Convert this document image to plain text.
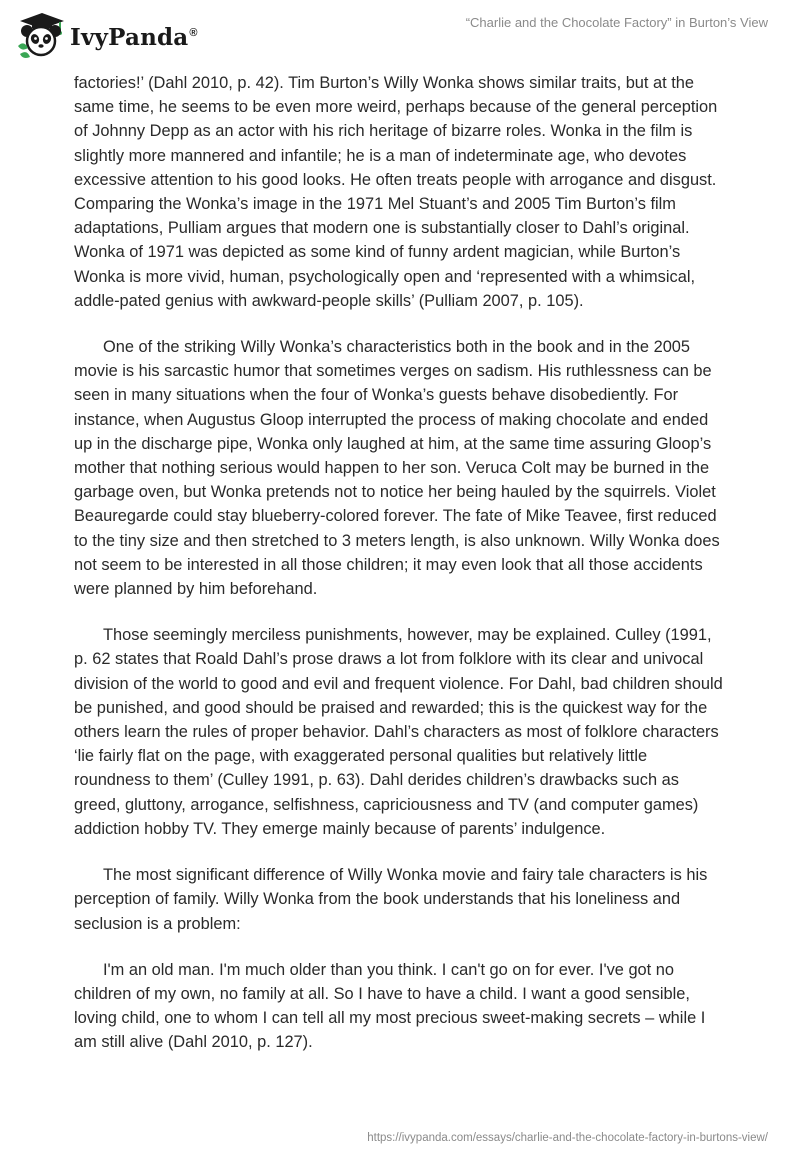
IvyPanda®
“Charlie and the Chocolate Factory” in Burton’s View

factories!’ (Dahl 2010, p. 42). Tim Burton’s Willy Wonka shows similar traits, but at the same time, he seems to be even more weird, perhaps because of the general perception of Johnny Depp as an actor with his rich heritage of bizarre roles. Wonka in the film is slightly more mannered and infantile; he is a man of indeterminate age, who devotes excessive attention to his good looks. He often treats people with arrogance and disgust. Comparing the Wonka’s image in the 1971 Mel Stuant’s and 2005 Tim Burton’s film adaptations, Pulliam argues that modern one is substantially closer to Dahl’s original. Wonka of 1971 was depicted as some kind of funny ardent magician, while Burton’s Wonka is more vivid, human, psychologically open and ‘represented with a whimsical, addle-pated genius with awkward-people skills’ (Pulliam 2007, p. 105).

One of the striking Willy Wonka’s characteristics both in the book and in the 2005 movie is his sarcastic humor that sometimes verges on sadism. His ruthlessness can be seen in many situations when the four of Wonka’s guests behave disobediently. For instance, when Augustus Gloop interrupted the process of making chocolate and ended up in the discharge pipe, Wonka only laughed at him, at the same time assuring Gloop’s mother that nothing serious would happen to her son. Veruca Colt may be burned in the garbage oven, but Wonka pretends not to notice her being hauled by the squirrels. Violet Beauregarde could stay blueberry-colored forever. The fate of Mike Teavee, first reduced to the tiny size and then stretched to 3 meters length, is also unknown. Willy Wonka does not seem to be interested in all those children; it may even look that all those accidents were planned by him beforehand.

Those seemingly merciless punishments, however, may be explained. Culley (1991, p. 62 states that Roald Dahl’s prose draws a lot from folklore with its clear and univocal division of the world to good and evil and frequent violence. For Dahl, bad children should be punished, and good should be praised and rewarded; this is the quickest way for the others learn the rules of proper behavior. Dahl’s characters as most of folklore characters ‘lie fairly flat on the page, with exaggerated personal qualities but relatively little roundness to them’ (Culley 1991, p. 63). Dahl derides children’s drawbacks such as greed, gluttony, arrogance, selfishness, capriciousness and TV (and computer games) addiction hobby TV. They emerge mainly because of parents’ indulgence.

The most significant difference of Willy Wonka movie and fairy tale characters is his perception of family. Willy Wonka from the book understands that his loneliness and seclusion is a problem:

I'm an old man. I'm much older than you think. I can't go on for ever. I've got no children of my own, no family at all. So I have to have a child. I want a good sensible, loving child, one to whom I can tell all my most precious sweet-making secrets – while I am still alive (Dahl 2010, p. 127).

https://ivypanda.com/essays/charlie-and-the-chocolate-factory-in-burtons-view/
